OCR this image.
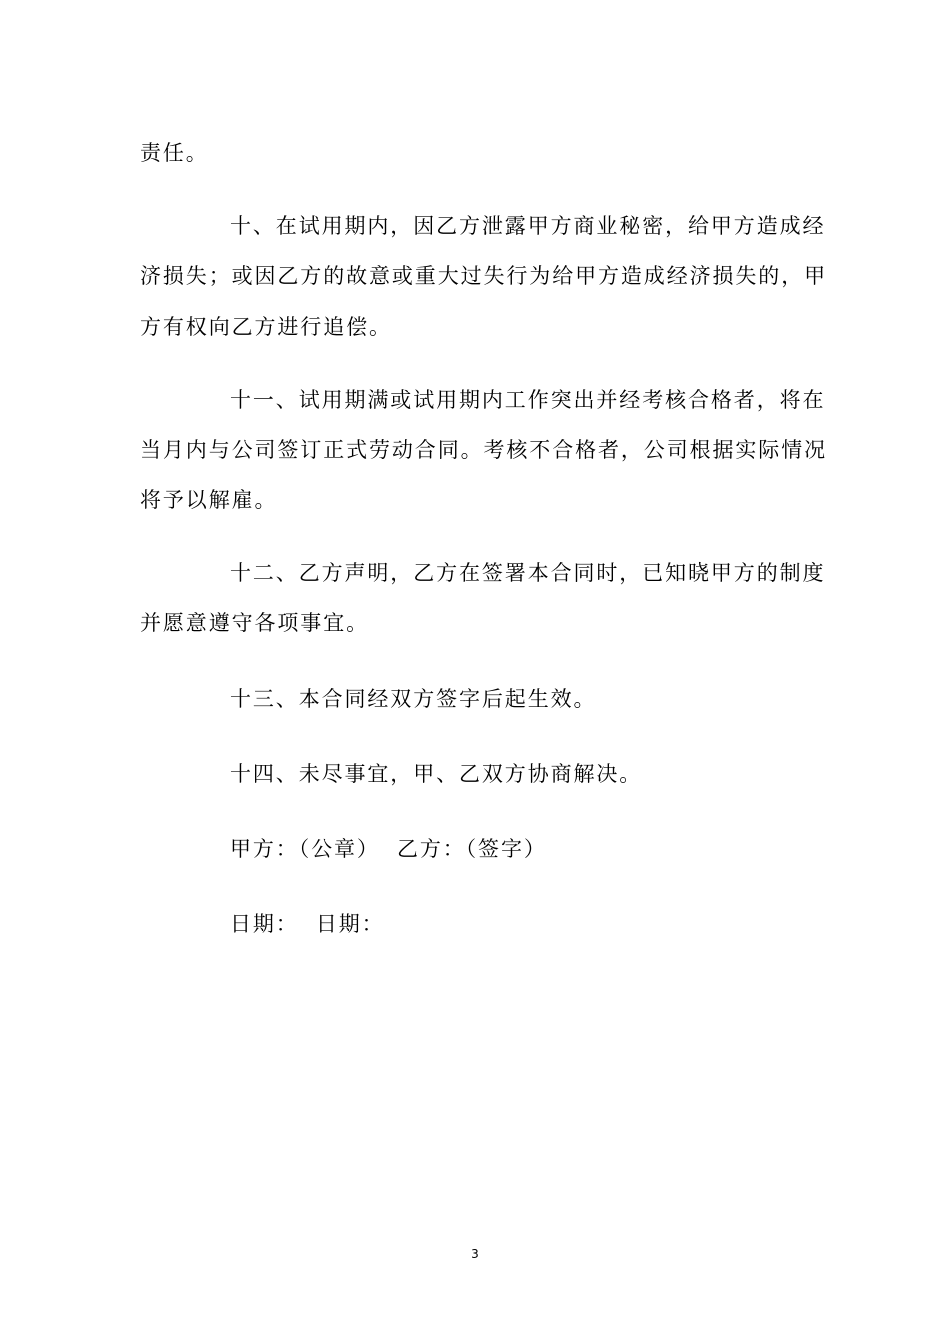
责任。
十、在试用期内，因乙方泄露甲方商业秘密，给甲方造成经
济损失；或因乙方的故意或重大过失行为给甲方造成经济损失的，甲
方有权向乙方进行追偿。
十一、试用期满或试用期内工作突出并经考核合格者，将在
当月内与公司签订正式劳动合同。考核不合格者，公司根据实际情况
将予以解雇。
十二、乙方声明，乙方在签署本合同时，已知晓甲方的制度
并愿意遵守各项事宜。
十三、本合同经双方签字后起生效。
十四、未尽事宜，甲、乙双方协商解决。
甲方：（公章）  乙方：（签字）
日期：  日期：
3
